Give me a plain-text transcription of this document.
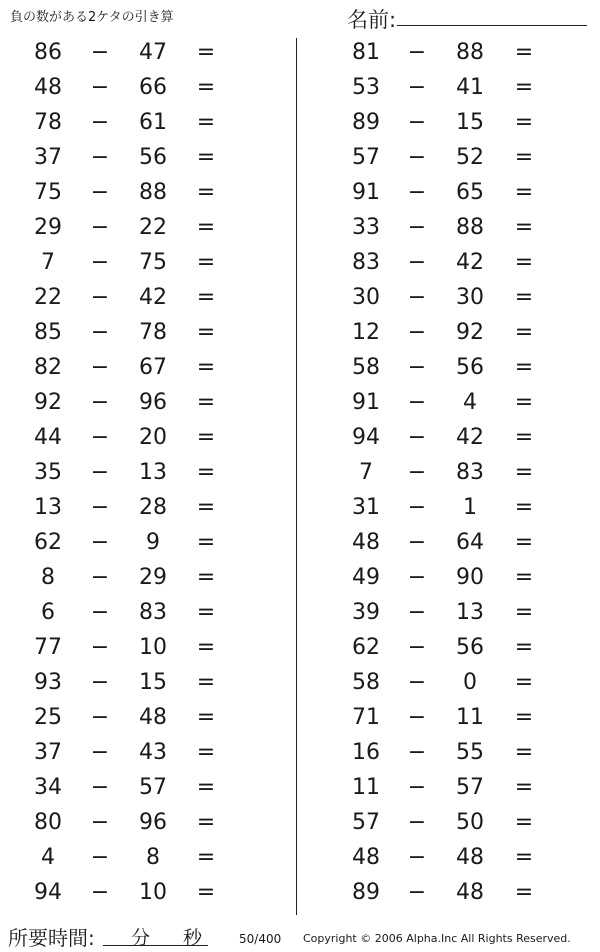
負の数がある2ケタの引き算	名前:
86 − 47 =
48 − 66 =
78 − 61 =
37 − 56 =
75 − 88 =
29 − 22 =
7	− 75 =
22 − 42 =
85 − 78 =
82 − 67 =
92 − 96 =
44 − 20 =
35 − 13 =
13 − 28 =
62 −	9	=
8	− 29 =
6	− 83 =
77 − 10 =
93 − 15 =
25 − 48 =
37 − 43 =
34 − 57 =
80 − 96 =
4	−	8	=
94 − 10 =
81 − 88 =
53 − 41 =
89 − 15 =
57 − 52 =
91 − 65 =
33 − 88 =
83 − 42 =
30 − 30 =
12 − 92 =
58 − 56 =
91 −	4	=
94 − 42 =
7	− 83 =
31 −	1	=
48 − 64 =
49 − 90 =
39 − 13 =
62 − 56 =
58 −	0	=
71 − 11 =
16 − 55 =
11 − 57 =
57 − 50 =
48 − 48 =
89 − 48 =
所要時間: 分 秒	50/400 Copyright © 2006 Alpha.Inc All Rights Reserved.
